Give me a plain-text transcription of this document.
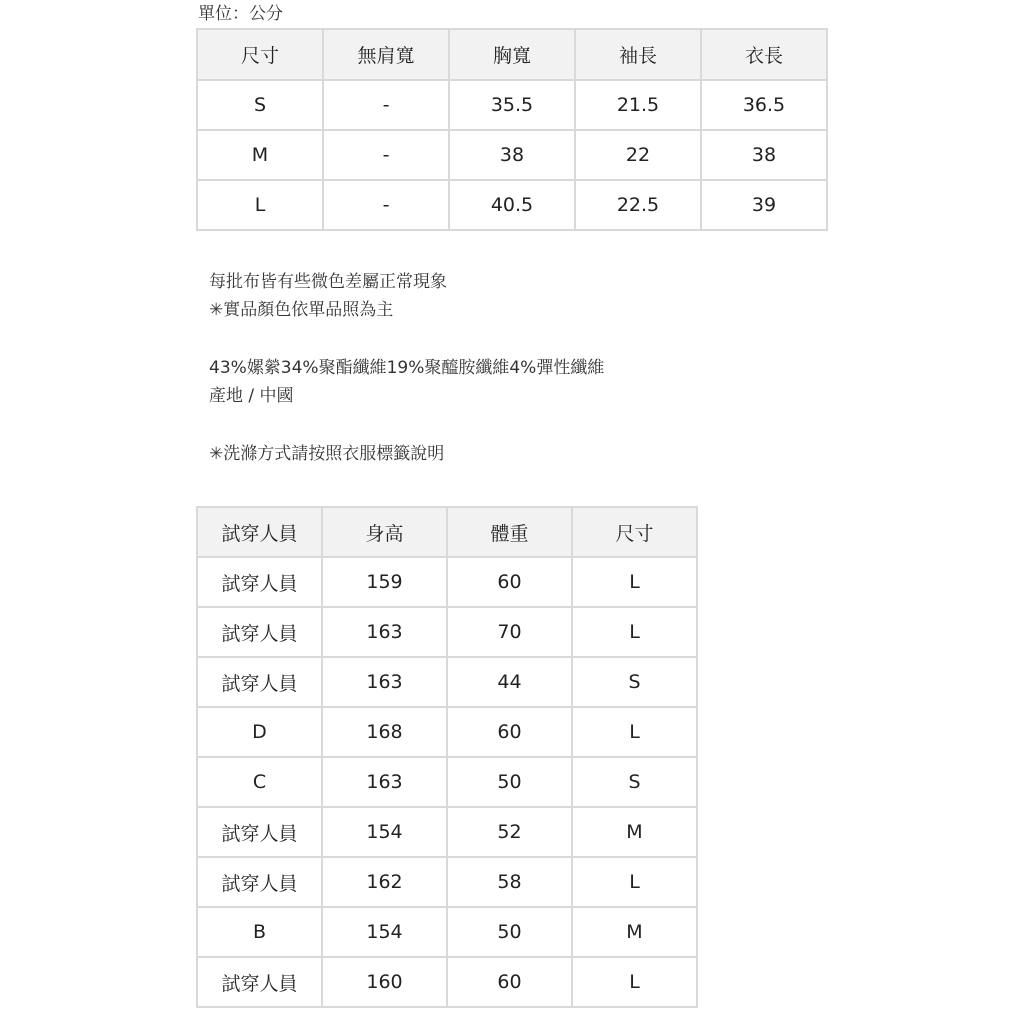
單位：公分
尺寸	無肩寬	胸寬	袖長	衣長
S	-	35.5	21.5	36.5
M	-	38	22	38
L	-	40.5	22.5	39
每批布皆有些微色差屬正常現象
✳實品顏色依單品照為主
43%嫘縈34%聚酯纖維19%聚醯胺纖維4%彈性纖維
產地 / 中國
✳洗滌方式請按照衣服標籤說明
試穿人員	身高	體重	尺寸
試穿人員	159	60	L
試穿人員	163	70	L
試穿人員	163	44	S
D	168	60	L
C	163	50	S
試穿人員	154	52	M
試穿人員	162	58	L
B	154	50	M
試穿人員	160	60	L
